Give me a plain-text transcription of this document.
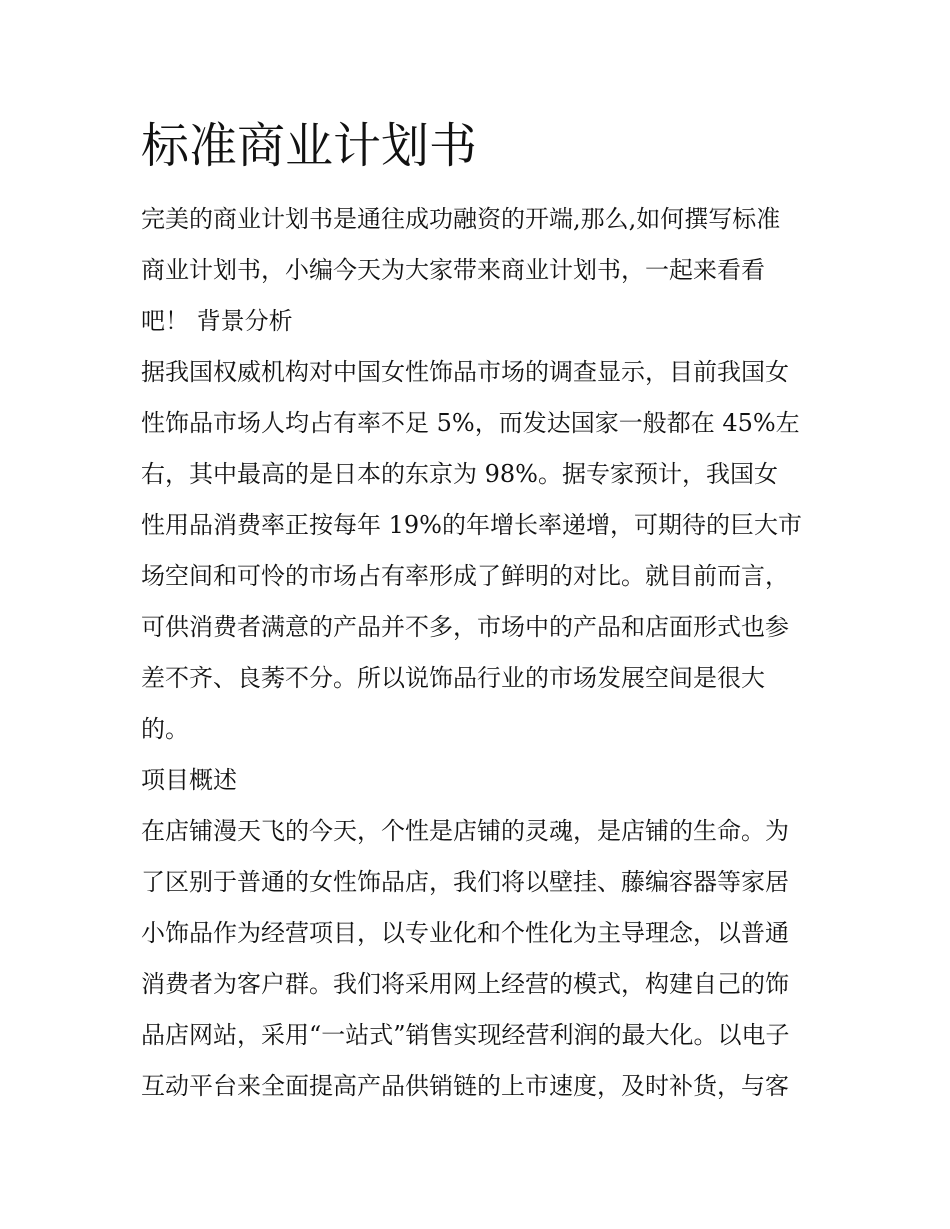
标准商业计划书

完美的商业计划书是通往成功融资的开端,那么,如何撰写标准
商业计划书，小编今天为大家带来商业计划书，一起来看看
吧！ 背景分析

据我国权威机构对中国女性饰品市场的调查显示，目前我国女
性饰品市场人均占有率不足 5%，而发达国家一般都在 45%左
右，其中最高的是日本的东京为 98%。据专家预计，我国女
性用品消费率正按每年 19%的年增长率递增，可期待的巨大市
场空间和可怜的市场占有率形成了鲜明的对比。就目前而言，
可供消费者满意的产品并不多，市场中的产品和店面形式也参
差不齐、良莠不分。所以说饰品行业的市场发展空间是很大
的。

项目概述

在店铺漫天飞的今天，个性是店铺的灵魂，是店铺的生命。为
了区别于普通的女性饰品店，我们将以壁挂、藤编容器等家居
小饰品作为经营项目，以专业化和个性化为主导理念，以普通
消费者为客户群。我们将采用网上经营的模式，构建自己的饰
品店网站，采用“一站式”销售实现经营利润的最大化。以电子
互动平台来全面提高产品供销链的上市速度，及时补货，与客
